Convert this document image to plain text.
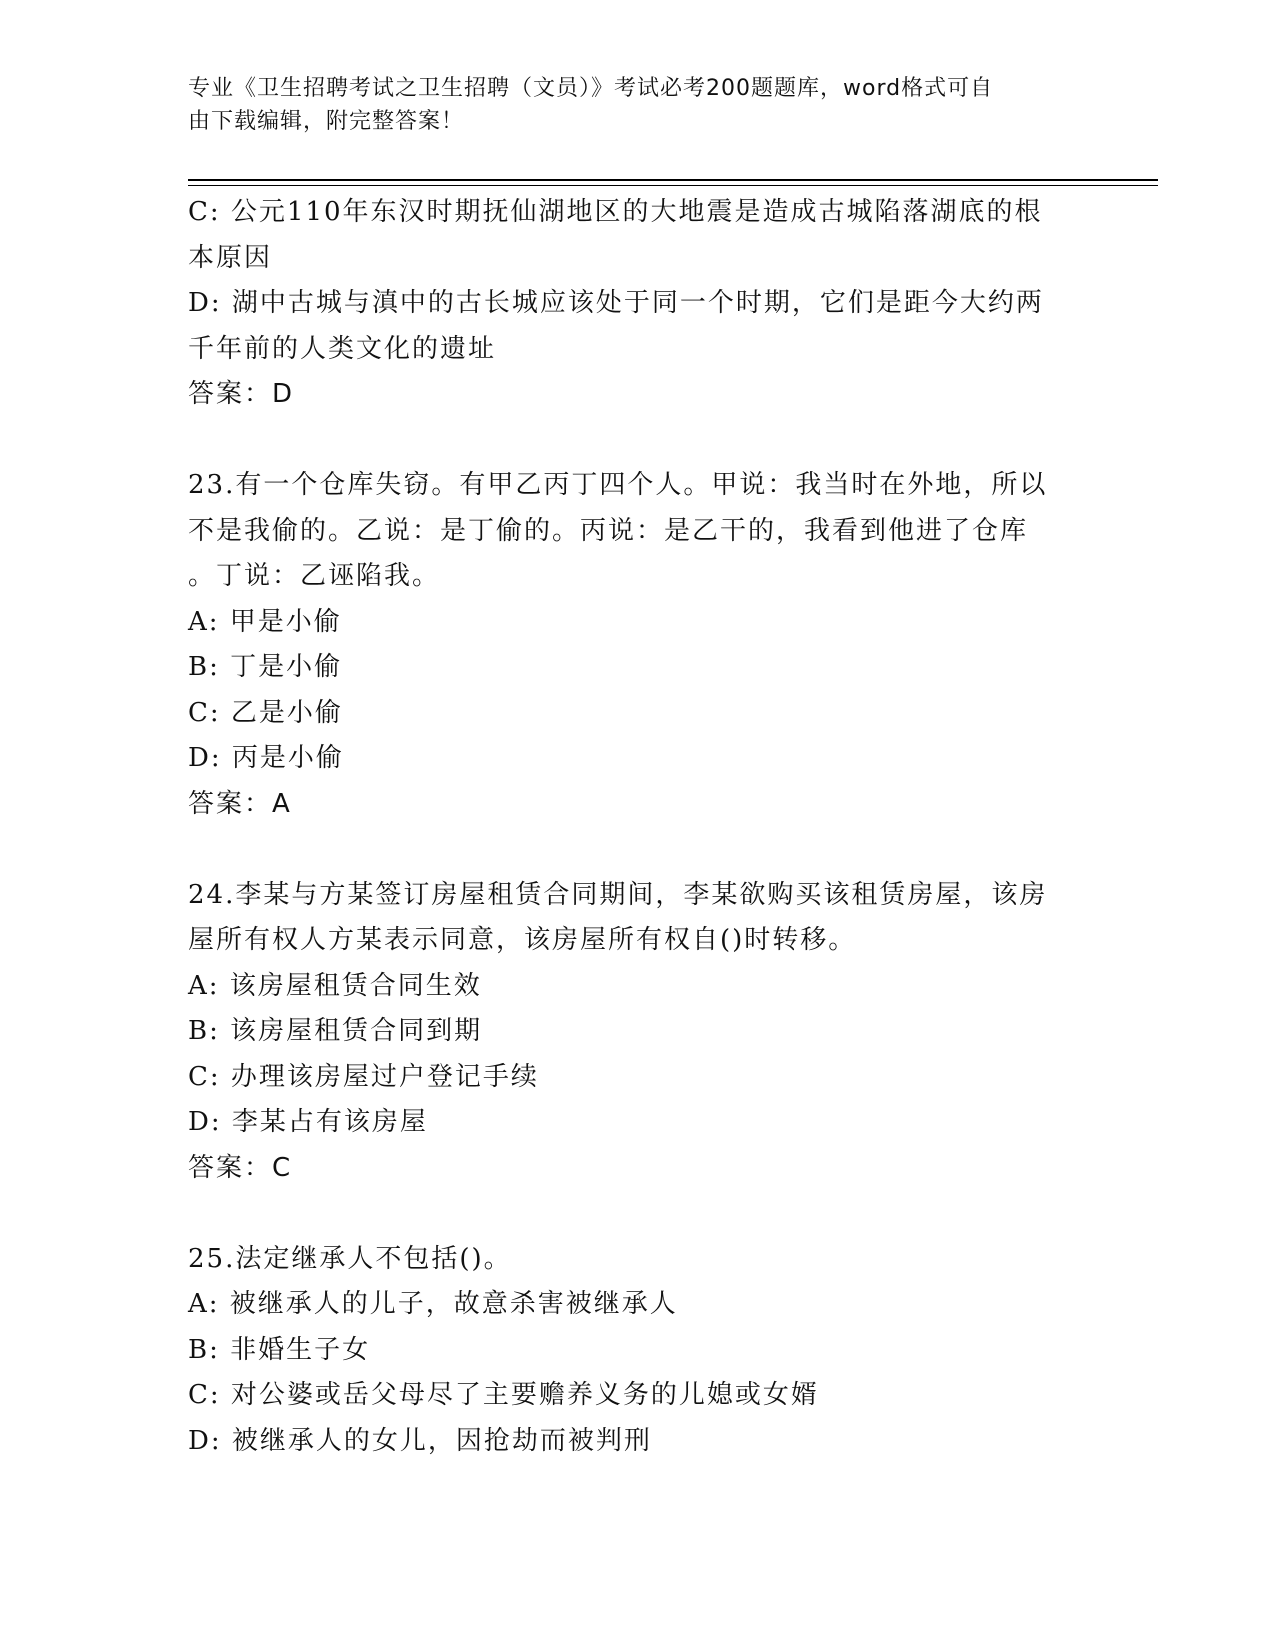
专业《卫生招聘考试之卫生招聘（文员）》考试必考200题题库，word格式可自
由下载编辑，附完整答案！

C: 公元110年东汉时期抚仙湖地区的大地震是造成古城陷落湖底的根

本原因

D: 湖中古城与滇中的古长城应该处于同一个时期，它们是距今大约两

千年前的人类文化的遗址

答案：D

23.有一个仓库失窃。有甲乙丙丁四个人。甲说：我当时在外地，所以

不是我偷的。乙说：是丁偷的。丙说：是乙干的，我看到他进了仓库

。丁说：乙诬陷我。

A: 甲是小偷

B: 丁是小偷

C: 乙是小偷

D: 丙是小偷

答案：A

24.李某与方某签订房屋租赁合同期间，李某欲购买该租赁房屋，该房

屋所有权人方某表示同意，该房屋所有权自()时转移。

A: 该房屋租赁合同生效

B: 该房屋租赁合同到期

C: 办理该房屋过户登记手续

D: 李某占有该房屋

答案：C

25.法定继承人不包括()。

A: 被继承人的儿子，故意杀害被继承人

B: 非婚生子女

C: 对公婆或岳父母尽了主要赡养义务的儿媳或女婿

D: 被继承人的女儿，因抢劫而被判刑
